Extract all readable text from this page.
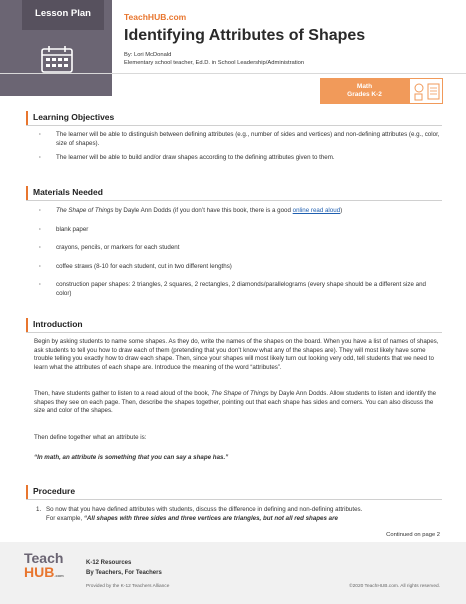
Lesson Plan	TeachHUB.com
Identifying Attributes of Shapes
By: Lori McDonald
Elementary school teacher, Ed.D. in School Leadership/Administration
Math
Grades K-2
Learning Objectives
· The learner will be able to distinguish between defining attributes (e.g., number of sides and vertices) and non-defining attributes (e.g., color, size of shapes).
· The learner will be able to build and/or draw shapes according to the defining attributes given to them.
Materials Needed
· The Shape of Things by Dayle Ann Dodds (if you don’t have this book, there is a good online read aloud)
· blank paper
· crayons, pencils, or markers for each student
· coffee straws (8-10 for each student, cut in two different lengths)
· construction paper shapes: 2 triangles, 2 squares, 2 rectangles, 2 diamonds/parallelograms (every shape should be a different size and color)
Introduction

Begin by asking students to name some shapes. As they do, write the names of the shapes on the board. When you have a list of names of shapes, ask students to tell you how to draw each of them (pretending that you don’t know what any of the shapes are). They will most likely have some trouble telling you exactly how to draw each shape. Then, since your shapes will most likely turn out looking very odd, tell students that we need to learn what the attributes of each shape are. Introduce the meaning of the word “attributes”.

Then, have students gather to listen to a read aloud of the book, The Shape of Things by Dayle Ann Dodds. Allow students to listen and identify the shapes they see on each page. Then, describe the shapes together, pointing out that each shape has sides and corners. You can also discuss the size and color of the shapes.

Then define together what an attribute is:

“In math, an attribute is something that you can say a shape has.”

Procedure
1. So now that you have defined attributes with students, discuss the difference in defining and non-defining attributes.
For example, “All shapes with three sides and three vertices are triangles, but not all red shapes are
Continued on page 2
Teach
HUB.com
K-12 Resources
By Teachers, For Teachers
Provided by the K-12 Teachers Alliance	©2020 TeachHUB.com. All rights reserved.
